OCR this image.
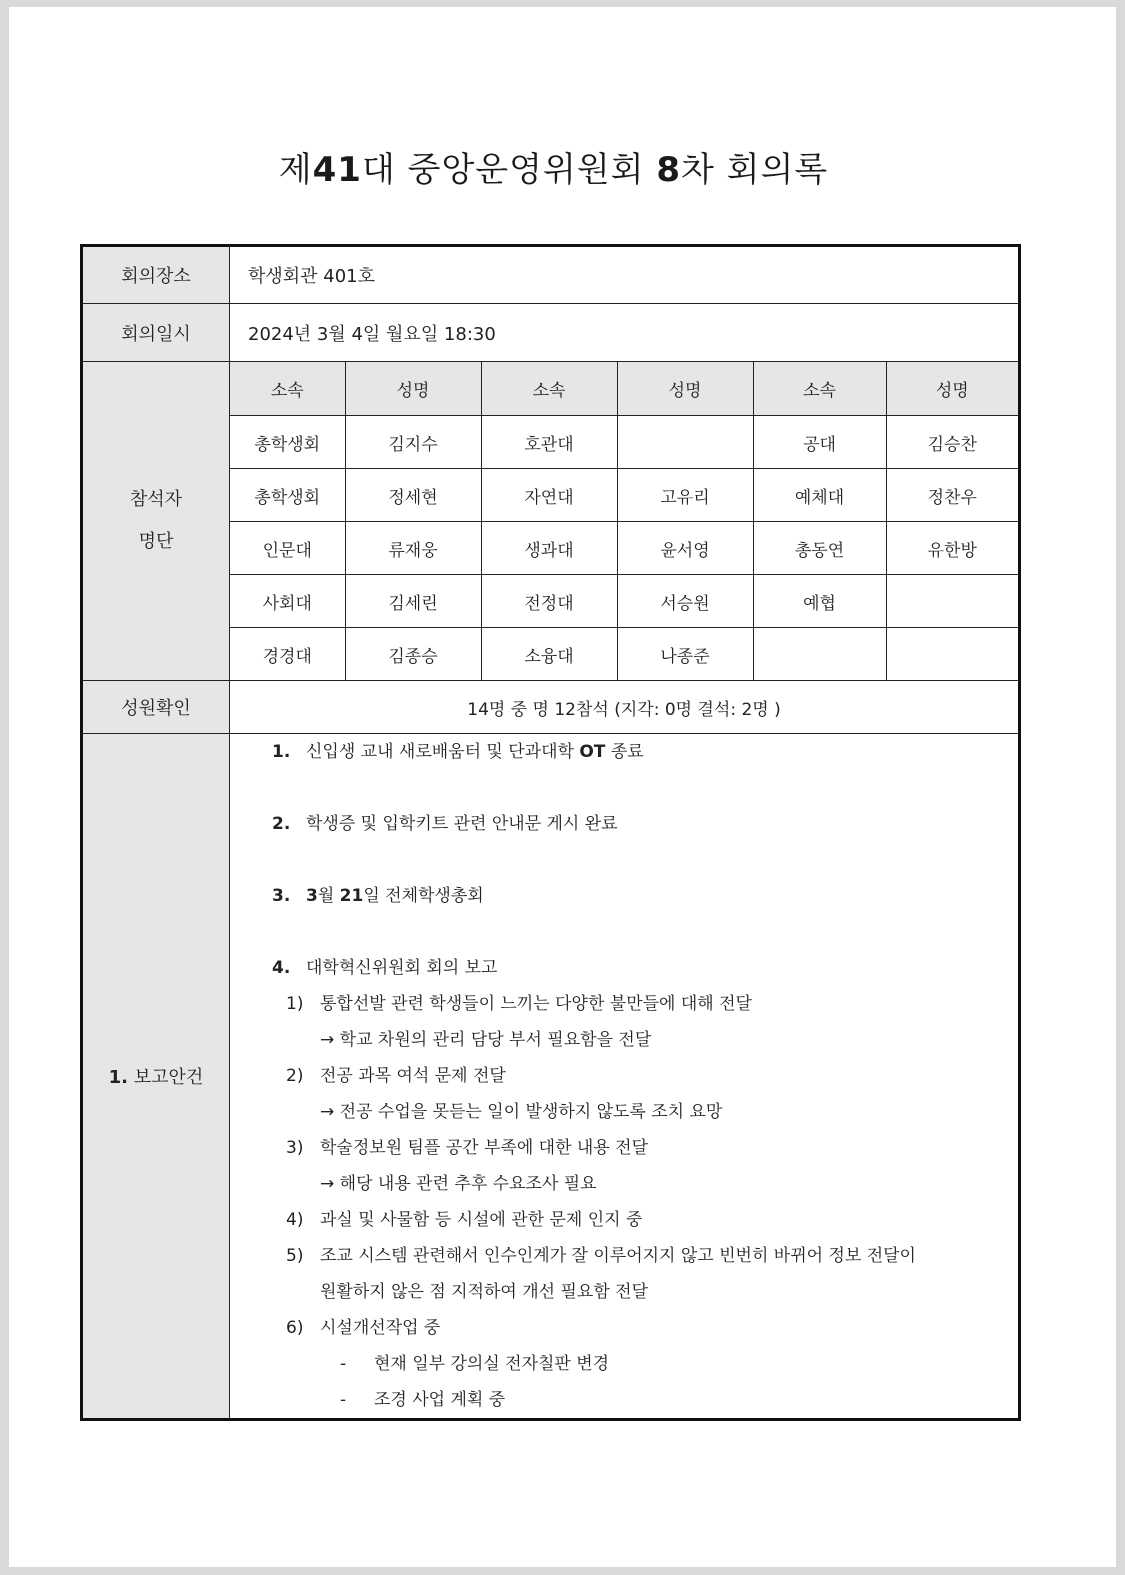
제41대 중앙운영위원회 8차 회의록
회의장소	학생회관 401호
회의일시	2024년 3월 4일 월요일 18:30

참석자
명단

소속	성명	소속	성명	소속	성명
총학생회	김지수	호관대		공대	김승찬
총학생회	정세현	자연대	고유리	예체대	정찬우
인문대	류재웅	생과대	윤서영	총동연	유한방
사회대	김세린	전정대	서승원	예협	
경경대	김종승	소융대	나종준		

성원확인	14명 중 명 12참석 (지각: 0명 결석: 2명 )
1. 보고안건	

1. 신입생 교내 새로배움터 및 단과대학 OT 종료

2. 학생증 및 입학키트 관련 안내문 게시 완료

3. 3월 21일 전체학생총회

4. 대학혁신위원회 회의 보고

1) 통합선발 관련 학생들이 느끼는 다양한 불만들에 대해 전달

→ 학교 차원의 관리 담당 부서 필요함을 전달

2) 전공 과목 여석 문제 전달

→ 전공 수업을 못듣는 일이 발생하지 않도록 조치 요망

3) 학술정보원 팀플 공간 부족에 대한 내용 전달

→ 해당 내용 관련 추후 수요조사 필요

4) 과실 및 사물함 등 시설에 관한 문제 인지 중

5) 조교 시스템 관련해서 인수인계가 잘 이루어지지 않고 빈번히 바뀌어 정보 전달이

원활하지 않은 점 지적하여 개선 필요함 전달

6) 시설개선작업 중

- 현재 일부 강의실 전자칠판 변경

- 조경 사업 계획 중
